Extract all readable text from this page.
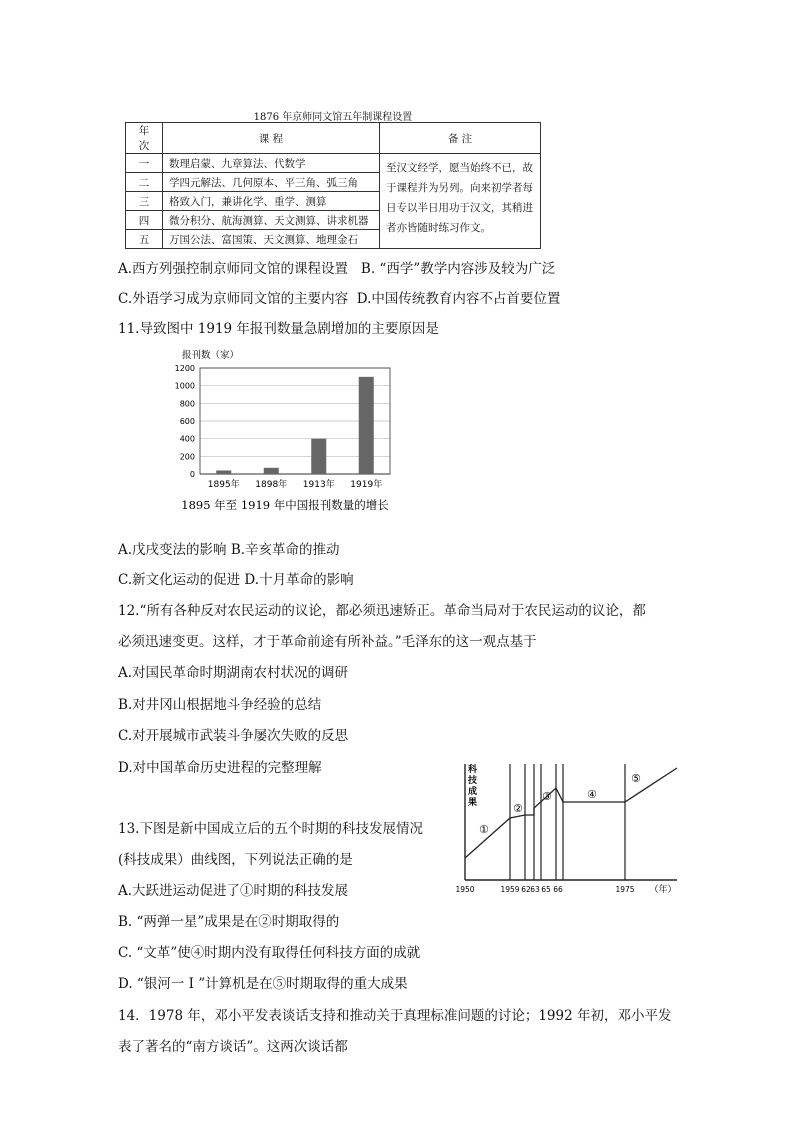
1876 年京师同文馆五年制课程设置
年 次	课 程	备 注
一	数理启蒙、九章算法、代数学	至汉文经学，愿当始终不已，故于课程并为另列。向来初学者每日专以半日用功于汉文，其稍进者亦皆随时练习作文。
二	学四元解法、几何原本、平三角、弧三角	
三	格致入门，兼讲化学、重学、测算	
四	微分积分、航海测算、天文测算、讲求机器	
五	万国公法、富国策、天文测算、地理金石	
A.西方列强控制京师同文馆的课程设置 B. “西学”教学内容涉及较为广泛
C.外语学习成为京师同文馆的主要内容 D.中国传统教育内容不占首要位置
11.导致图中 1919 年报刊数量急剧增加的主要原因是
报刊数（家）
0
200
400
600
800
1000
1200
1895年 1898年 1913年 1919年
1895 年至 1919 年中国报刊数量的增长
A.戊戌变法的影响 B.辛亥革命的推动
C.新文化运动的促进 D.十月革命的影响
12.“所有各种反对农民运动的议论，都必须迅速矫正。革命当局对于农民运动的议论，都
必须迅速变更。这样，才于革命前途有所补益。”毛泽东的这一观点基于
A.对国民革命时期湖南农村状况的调研
B.对井冈山根据地斗争经验的总结
C.对开展城市武装斗争屡次失败的反思
D.对中国革命历史进程的完整理解
13.下图是新中国成立后的五个时期的科技发展情况
(科技成果）曲线图，下列说法正确的是
A.大跃进运动促进了①时期的科技发展
B. “两弹一星”成果是在②时期取得的
C. “文革”使④时期内没有取得任何科技方面的成就
D. “银河一 Ⅰ ”计算机是在⑤时期取得的重大成果
科
技
成
果
①
②
③	④
⑤
1950	1959 62 63 65 66	1975 （年）
14．1978 年，邓小平发表谈话支持和推动关于真理标准问题的讨论；1992 年初，邓小平发
表了著名的“南方谈话”。这两次谈话都
